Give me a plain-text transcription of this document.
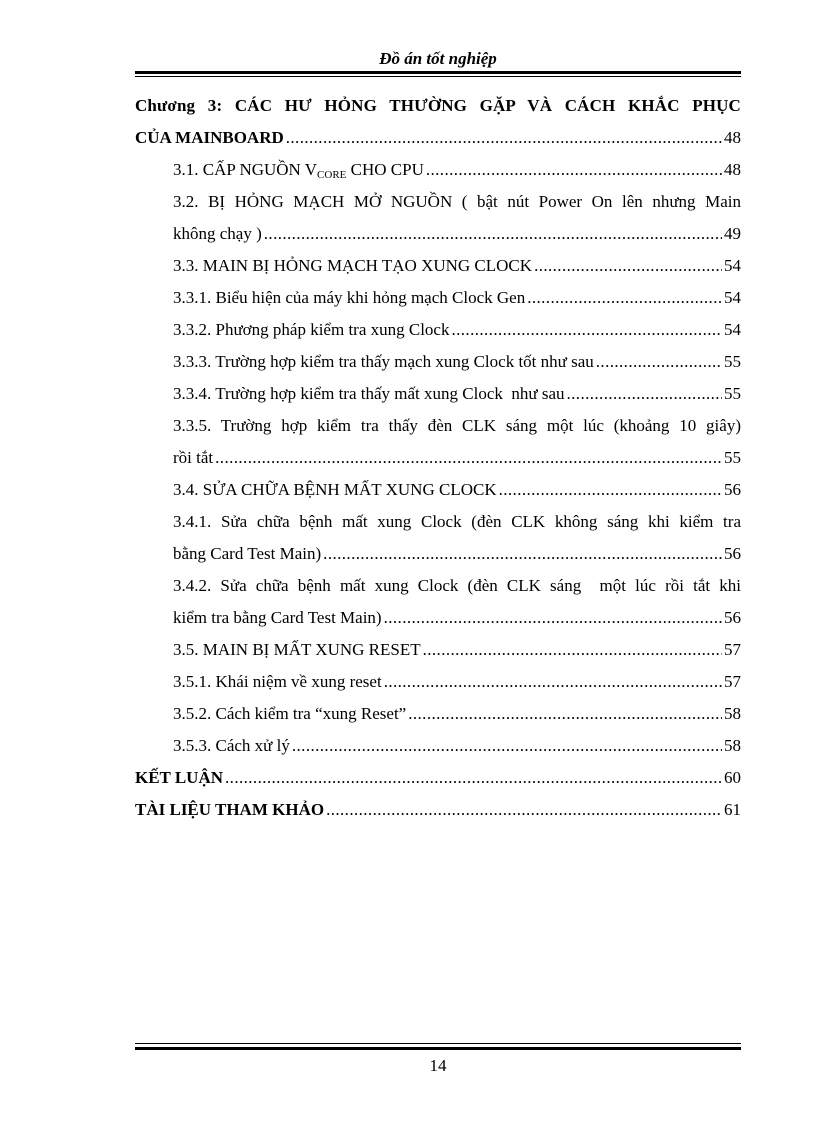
Đồ án tốt nghiệp
Chương 3: CÁC HƯ HỎNG THƯỜNG GẶP VÀ CÁCH KHẮC PHỤC
CỦA MAINBOARD .....	48
3.1. CẤP NGUỒN $V_{CORE}$ CHO CPU .....	48
3.2. BỊ HỎNG MẠCH MỞ NGUỒN ( bật nút Power On lên nhưng Main
không chạy ) .....	49
3.3. MAIN BỊ HỎNG MẠCH TẠO XUNG CLOCK .....	54
3.3.1. Biểu hiện của máy khi hỏng mạch Clock Gen .....	54
3.3.2. Phương pháp kiểm tra xung Clock .....	54
3.3.3. Trường hợp kiểm tra thấy mạch xung Clock tốt như sau .....	55
3.3.4. Trường hợp kiểm tra thấy mất xung Clock  như sau .....	55
3.3.5. Trường hợp kiểm tra thấy đèn CLK sáng một lúc (khoảng 10 giây)
rồi tắt .....	55
3.4. SỬA CHỮA BỆNH MẤT XUNG CLOCK .....	56
3.4.1. Sửa chữa bệnh mất xung Clock (đèn CLK không sáng khi kiểm tra
bằng Card Test Main) .....	56
3.4.2. Sửa chữa bệnh mất xung Clock (đèn CLK sáng  một lúc rồi tắt khi
kiểm tra bằng Card Test Main) .....	56
3.5. MAIN BỊ MẤT XUNG RESET .....	57
3.5.1. Khái niệm về xung reset .....	57
3.5.2. Cách kiểm tra “xung Reset” .....	58
3.5.3. Cách xử lý .....	58
KẾT LUẬN .....	60
TÀI LIỆU THAM KHẢO .....	61
14
